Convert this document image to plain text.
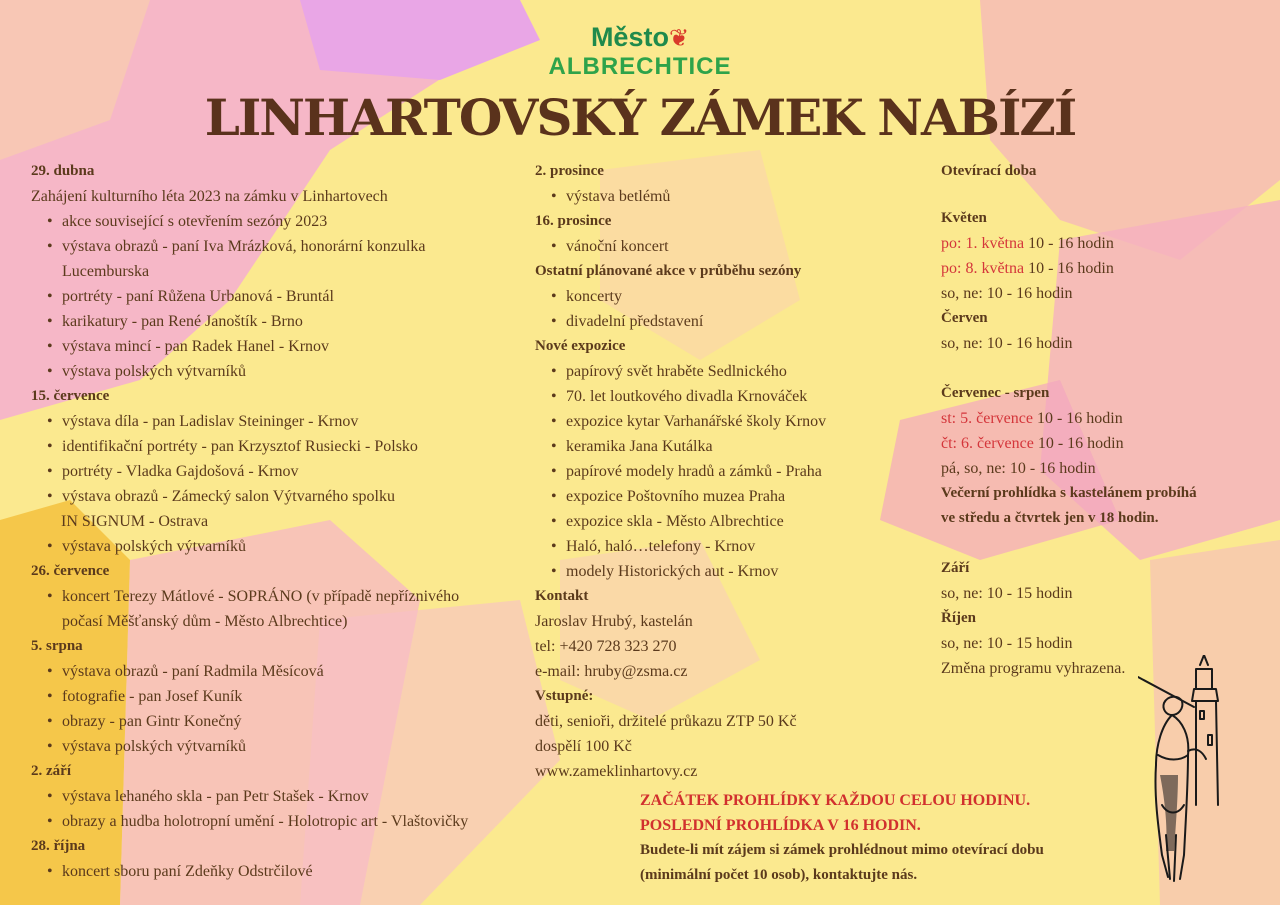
Město❦
ALBRECHTICE
LINHARTOVSKÝ ZÁMEK NABÍZÍ
29. dubna
Zahájení kulturního léta 2023 na zámku v Linhartovech
• akce související s otevřením sezóny 2023
• výstava obrazů - paní Iva Mrázková, honorární konzulka
Lucemburska
• portréty - paní Růžena Urbanová - Bruntál
• karikatury - pan René Janoštík - Brno
• výstava mincí - pan Radek Hanel - Krnov
• výstava polských výtvarníků
15. července
• výstava díla - pan Ladislav Steininger - Krnov
• identifikační portréty - pan Krzysztof Rusiecki - Polsko
• portréty - Vladka Gajdošová - Krnov
• výstava obrazů - Zámecký salon Výtvarného spolku
IN SIGNUM - Ostrava
• výstava polských výtvarníků
26. července
• koncert Terezy Mátlové - SOPRÁNO (v případě nepříznivého
počasí Měšťanský dům - Město Albrechtice)
5. srpna
• výstava obrazů - paní Radmila Měsícová
• fotografie - pan Josef Kuník
• obrazy - pan Gintr Konečný
• výstava polských výtvarníků
2. září
• výstava lehaného skla - pan Petr Stašek - Krnov
• obrazy a hudba holotropní umění - Holotropic art - Vlaštovičky
28. října
• koncert sboru paní Zdeňky Odstrčilové
2. prosince
• výstava betlémů
16. prosince
• vánoční koncert
Ostatní plánované akce v průběhu sezóny
• koncerty
• divadelní představení
Nové expozice
• papírový svět hraběte Sedlnického
• 70. let loutkového divadla Krnováček
• expozice kytar Varhanářské školy Krnov
• keramika Jana Kutálka
• papírové modely hradů a zámků - Praha
• expozice Poštovního muzea Praha
• expozice skla - Město Albrechtice
• Haló, haló…telefony - Krnov
• modely Historických aut - Krnov
Kontakt
Jaroslav Hrubý, kastelán
tel: +420 728 323 270
e-mail: hruby@zsma.cz
Vstupné:
děti, senioři, držitelé průkazu ZTP 50 Kč
dospělí 100 Kč
www.zameklinhartovy.cz
Otevírací doba
Květen
po: 1. května 10 - 16 hodin
po: 8. května 10 - 16 hodin
so, ne: 10 - 16 hodin
Červen
so, ne: 10 - 16 hodin
Červenec - srpen
st: 5. července 10 - 16 hodin
čt: 6. července 10 - 16 hodin
pá, so, ne: 10 - 16 hodin
Večerní prohlídka s kastelánem probíhá
ve středu a čtvrtek jen v 18 hodin.
Září
so, ne: 10 - 15 hodin
Říjen
so, ne: 10 - 15 hodin
Změna programu vyhrazena.
ZAČÁTEK PROHLÍDKY KAŽDOU CELOU HODINU.
POSLEDNÍ PROHLÍDKA V 16 HODIN.
Budete-li mít zájem si zámek prohlédnout mimo otevírací dobu
(minimální počet 10 osob), kontaktujte nás.
